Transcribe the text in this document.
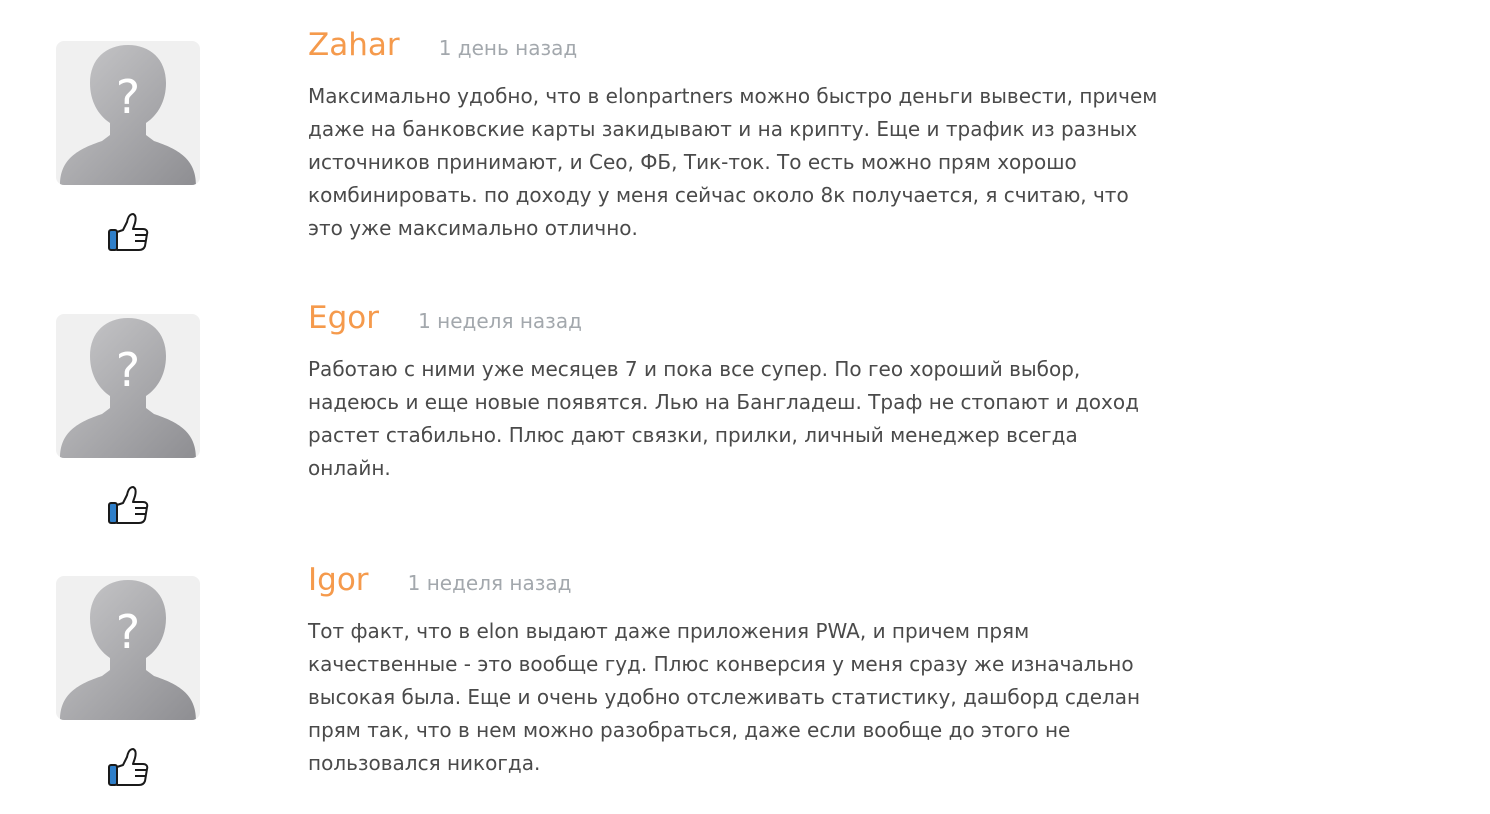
?
Zahar 1 день назад

Максимально удобно, что в elonpartners можно быстро деньги вывести, причем даже на банковские карты закидывают и на крипту. Еще и трафик из разных источников принимают, и Сео, ФБ, Тик-ток. То есть можно прям хорошо комбинировать. по доходу у меня сейчас около 8к получается, я считаю, что это уже максимально отлично.

?
Egor 1 неделя назад

Работаю с ними уже месяцев 7 и пока все супер. По гео хороший выбор, надеюсь и еще новые появятся. Лью на Бангладеш. Траф не стопают и доход растет стабильно. Плюс дают связки, прилки, личный менеджер всегда онлайн.

?
Igor 1 неделя назад

Тот факт, что в elon выдают даже приложения PWA, и причем прям качественные - это вообще гуд. Плюс конверсия у меня сразу же изначально высокая была. Еще и очень удобно отслеживать статистику, дашборд сделан прям так, что в нем можно разобраться, даже если вообще до этого не пользовался никогда.
